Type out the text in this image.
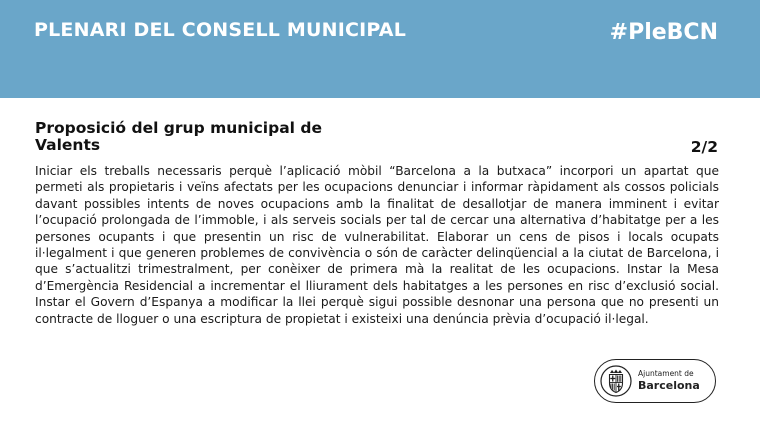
PLENARI DEL CONSELL MUNICIPAL	#PleBCN
Proposició del grup municipal de Valents	2/2

Iniciar els treballs necessaris perquè l’aplicació mòbil “Barcelona a la butxaca” incorpori un apartat que permeti als propietaris i veïns afectats per les ocupacions denunciar i informar ràpidament als cossos policials davant possibles intents de noves ocupacions amb la finalitat de desallotjar de manera imminent i evitar l’ocupació prolongada de l’immoble, i als serveis socials per tal de cercar una alternativa d’habitatge per a les persones ocupants i que presentin un risc de vulnerabilitat. Elaborar un cens de pisos i locals ocupats il·legalment i que generen problemes de convivència o són de caràcter delinqüencial a la ciutat de Barcelona, i que s’actualitzi trimestralment, per conèixer de primera mà la realitat de les ocupacions. Instar la Mesa d’Emergència Residencial a incrementar el lliurament dels habitatges a les persones en risc d’exclusió social. Instar el Govern d’Espanya a modificar la llei perquè sigui possible desnonar una persona que no presenti un contracte de lloguer o una escriptura de propietat i existeixi una denúncia prèvia d’ocupació il·legal.

Ajuntament de
Barcelona
